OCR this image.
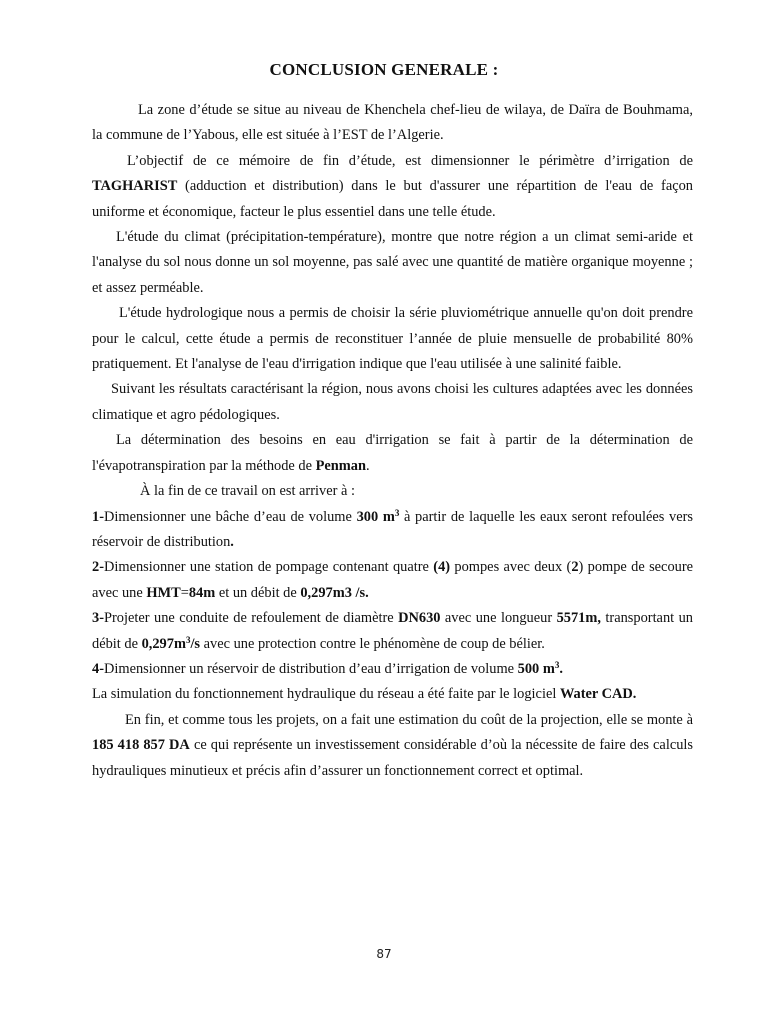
CONCLUSION GENERALE :

La zone d’étude se situe au niveau de Khenchela chef-lieu de wilaya, de Daïra de Bouhmama, la commune de l’Yabous, elle est située à l’EST de l’Algerie.

L’objectif de ce mémoire de fin d’étude, est dimensionner le périmètre d’irrigation de TAGHARIST (adduction et distribution) dans le but d'assurer une répartition de l'eau de façon uniforme et économique, facteur le plus essentiel dans une telle étude.

L'étude du climat (précipitation-température), montre que notre région a un climat semi-aride et l'analyse du sol nous donne un sol moyenne, pas salé avec une quantité de matière organique moyenne ; et assez perméable.

L'étude hydrologique nous a permis de choisir la série pluviométrique annuelle qu'on doit prendre pour le calcul, cette étude a permis de reconstituer l’année de pluie mensuelle de probabilité 80% pratiquement. Et l'analyse de l'eau d'irrigation indique que l'eau utilisée à une salinité faible.

Suivant les résultats caractérisant la région, nous avons choisi les cultures adaptées avec les données climatique et agro pédologiques.

La détermination des besoins en eau d'irrigation se fait à partir de la détermination de l'évapotranspiration par la méthode de Penman.

À la fin de ce travail on est arriver à :

1-Dimensionner une bâche d’eau de volume 300 $m^3$ à partir de laquelle les eaux seront refoulées vers réservoir de distribution.

2-Dimensionner une station de pompage contenant quatre (4) pompes avec deux (2) pompe de secoure avec une HMT=84m et un débit de 0,297m3 /s.

3-Projeter une conduite de refoulement de diamètre DN630 avec une longueur 5571m, transportant un débit de $0,297m^3/s$ avec une protection contre le phénomène de coup de bélier.

4-Dimensionner un réservoir de distribution d’eau d’irrigation de volume 500 $m^3$.

La simulation du fonctionnement hydraulique du réseau a été faite par le logiciel Water CAD.

En fin, et comme tous les projets, on a fait une estimation du coût de la projection, elle se monte à 185 418 857 DA ce qui représente un investissement considérable d’où la nécessite de faire des calculs hydrauliques minutieux et précis afin d’assurer un fonctionnement correct et optimal.

87
